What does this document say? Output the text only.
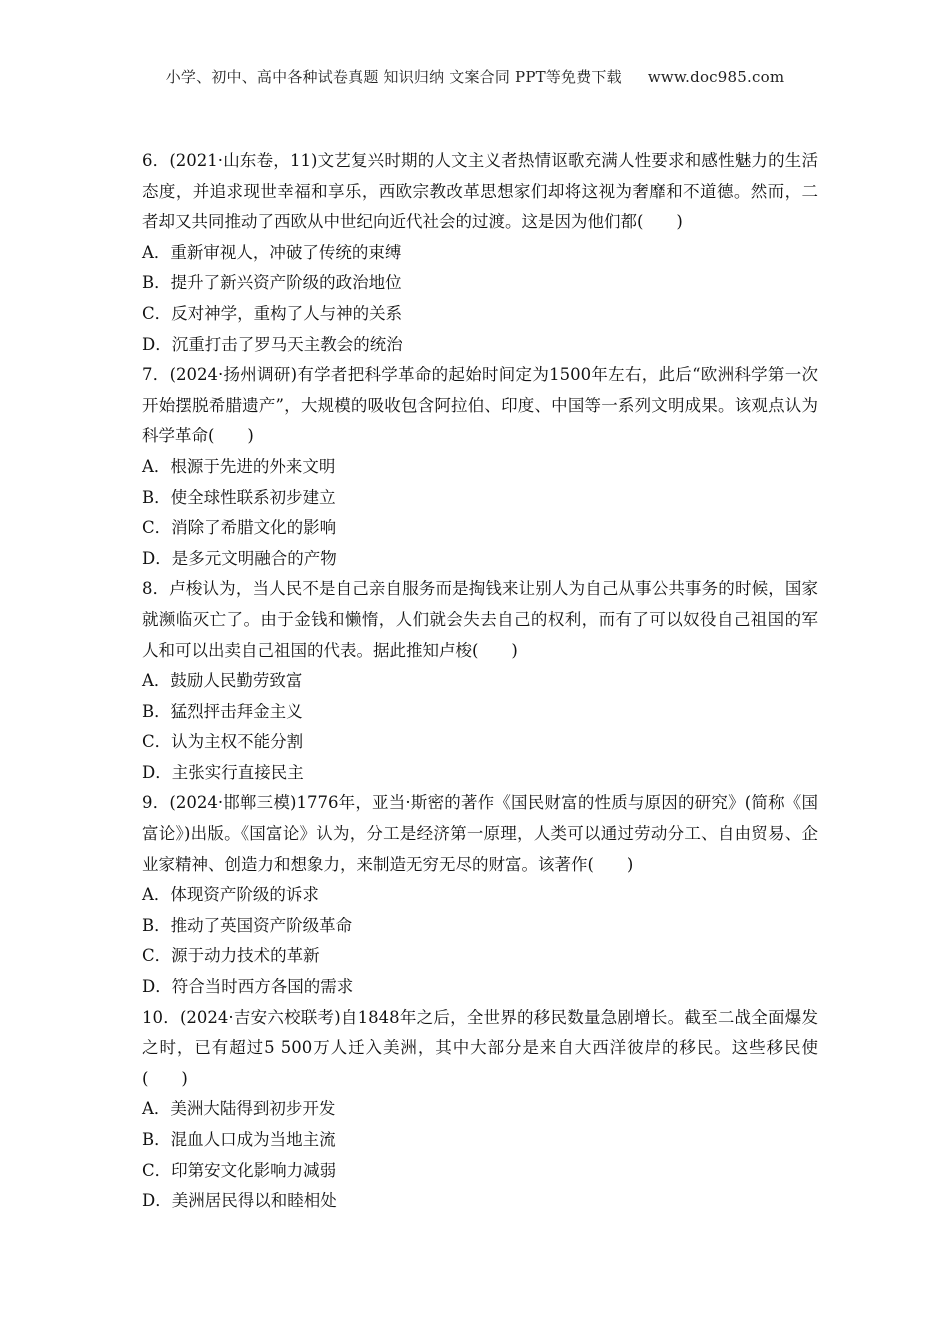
小学、初中、高中各种试卷真题 知识归纳 文案合同 PPT等免费下载 www.doc985.com

6．(2021·山东卷，11)文艺复兴时期的人文主义者热情讴歌充满人性要求和感性魅力的生活态度，并追求现世幸福和享乐，西欧宗教改革思想家们却将这视为奢靡和不道德。然而，二者却又共同推动了西欧从中世纪向近代社会的过渡。这是因为他们都(　　)

A．重新审视人，冲破了传统的束缚

B．提升了新兴资产阶级的政治地位

C．反对神学，重构了人与神的关系

D．沉重打击了罗马天主教会的统治

7．(2024·扬州调研)有学者把科学革命的起始时间定为1500年左右，此后“欧洲科学第一次开始摆脱希腊遗产”，大规模的吸收包含阿拉伯、印度、中国等一系列文明成果。该观点认为科学革命(　　)

A．根源于先进的外来文明

B．使全球性联系初步建立

C．消除了希腊文化的影响

D．是多元文明融合的产物

8．卢梭认为，当人民不是自己亲自服务而是掏钱来让别人为自己从事公共事务的时候，国家就濒临灭亡了。由于金钱和懒惰，人们就会失去自己的权利，而有了可以奴役自己祖国的军人和可以出卖自己祖国的代表。据此推知卢梭(　　)

A．鼓励人民勤劳致富

B．猛烈抨击拜金主义

C．认为主权不能分割

D．主张实行直接民主

9．(2024·邯郸三模)1776年，亚当·斯密的著作《国民财富的性质与原因的研究》(简称《国富论》)出版。《国富论》认为，分工是经济第一原理，人类可以通过劳动分工、自由贸易、企业家精神、创造力和想象力，来制造无穷无尽的财富。该著作(　　)

A．体现资产阶级的诉求

B．推动了英国资产阶级革命

C．源于动力技术的革新

D．符合当时西方各国的需求

10．(2024·吉安六校联考)自1848年之后，全世界的移民数量急剧增长。截至二战全面爆发之时，已有超过5 500万人迁入美洲，其中大部分是来自大西洋彼岸的移民。这些移民使(　　)

A．美洲大陆得到初步开发

B．混血人口成为当地主流

C．印第安文化影响力减弱

D．美洲居民得以和睦相处
